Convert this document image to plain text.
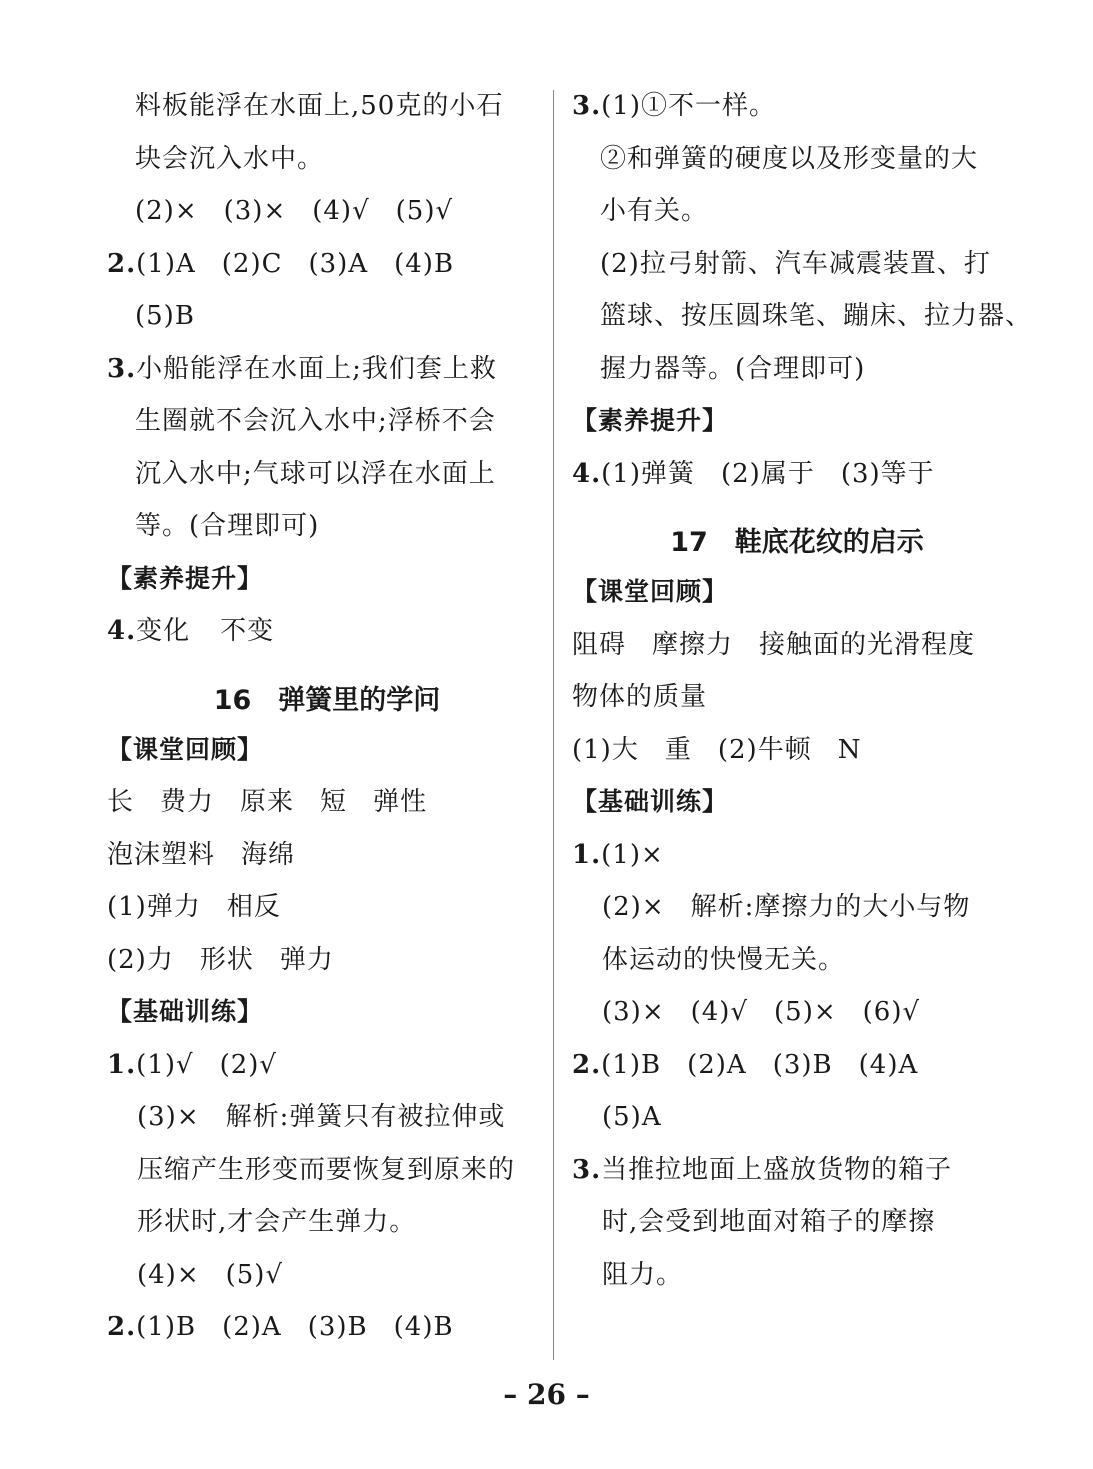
料板能浮在水面上,50克的小石
块会沉入水中。
(2)× (3)× (4)√ (5)√
2.(1)A (2)C (3)A (4)B
(5)B
3.小船能浮在水面上;我们套上救
生圈就不会沉入水中;浮桥不会
沉入水中;气球可以浮在水面上
等。(合理即可)
【素养提升】
4.变化 不变
16　弹簧里的学问
【课堂回顾】
长 费力 原来 短 弹性
泡沫塑料 海绵
(1)弹力 相反
(2)力 形状 弹力
【基础训练】
1.(1)√ (2)√
(3)× 解析:弹簧只有被拉伸或
压缩产生形变而要恢复到原来的
形状时,才会产生弹力。
(4)× (5)√
2.(1)B (2)A (3)B (4)B
3.(1)①不一样。
②和弹簧的硬度以及形变量的大
小有关。
(2)拉弓射箭、汽车减震装置、打
篮球、按压圆珠笔、蹦床、拉力器、
握力器等。(合理即可)
【素养提升】
4.(1)弹簧 (2)属于 (3)等于
17　鞋底花纹的启示
【课堂回顾】
阻碍 摩擦力 接触面的光滑程度
物体的质量
(1)大 重 (2)牛顿 N
【基础训练】
1.(1)×
(2)× 解析:摩擦力的大小与物
体运动的快慢无关。
(3)× (4)√ (5)× (6)√
2.(1)B (2)A (3)B (4)A
(5)A
3.当推拉地面上盛放货物的箱子
时,会受到地面对箱子的摩擦
阻力。
– 26 –
